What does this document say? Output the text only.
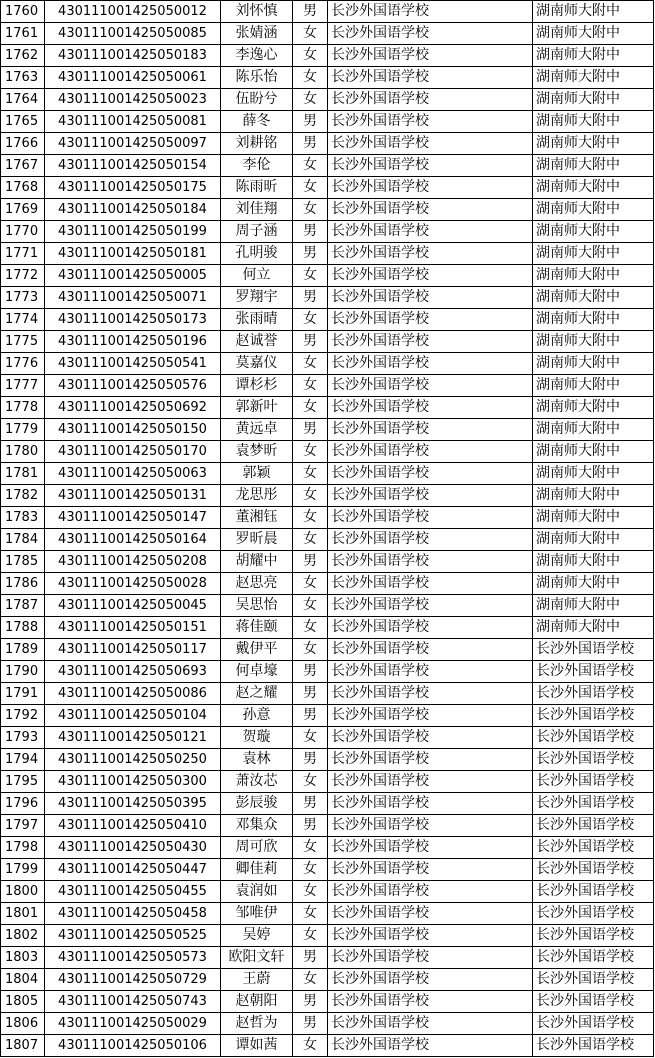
1760	430111001425050012	刘怀慎	男	长沙外国语学校	湖南师大附中
1761	430111001425050085	张婧涵	女	长沙外国语学校	湖南师大附中
1762	430111001425050183	李逸心	女	长沙外国语学校	湖南师大附中
1763	430111001425050061	陈乐怡	女	长沙外国语学校	湖南师大附中
1764	430111001425050023	伍盼兮	女	长沙外国语学校	湖南师大附中
1765	430111001425050081	薛冬	男	长沙外国语学校	湖南师大附中
1766	430111001425050097	刘耕铭	男	长沙外国语学校	湖南师大附中
1767	430111001425050154	李伦	女	长沙外国语学校	湖南师大附中
1768	430111001425050175	陈雨昕	女	长沙外国语学校	湖南师大附中
1769	430111001425050184	刘佳翔	女	长沙外国语学校	湖南师大附中
1770	430111001425050199	周子涵	男	长沙外国语学校	湖南师大附中
1771	430111001425050181	孔明骏	男	长沙外国语学校	湖南师大附中
1772	430111001425050005	何立	女	长沙外国语学校	湖南师大附中
1773	430111001425050071	罗翔宇	男	长沙外国语学校	湖南师大附中
1774	430111001425050173	张雨晴	女	长沙外国语学校	湖南师大附中
1775	430111001425050196	赵诚誉	男	长沙外国语学校	湖南师大附中
1776	430111001425050541	莫嘉仪	女	长沙外国语学校	湖南师大附中
1777	430111001425050576	谭杉杉	女	长沙外国语学校	湖南师大附中
1778	430111001425050692	郭新叶	女	长沙外国语学校	湖南师大附中
1779	430111001425050150	黄远卓	男	长沙外国语学校	湖南师大附中
1780	430111001425050170	袁梦昕	女	长沙外国语学校	湖南师大附中
1781	430111001425050063	郭颖	女	长沙外国语学校	湖南师大附中
1782	430111001425050131	龙思彤	女	长沙外国语学校	湖南师大附中
1783	430111001425050147	董湘钰	女	长沙外国语学校	湖南师大附中
1784	430111001425050164	罗昕晨	女	长沙外国语学校	湖南师大附中
1785	430111001425050208	胡耀中	男	长沙外国语学校	湖南师大附中
1786	430111001425050028	赵思亮	女	长沙外国语学校	湖南师大附中
1787	430111001425050045	吴思怡	女	长沙外国语学校	湖南师大附中
1788	430111001425050151	蒋佳颐	女	长沙外国语学校	湖南师大附中
1789	430111001425050117	戴伊平	女	长沙外国语学校	长沙外国语学校
1790	430111001425050693	何卓壕	男	长沙外国语学校	长沙外国语学校
1791	430111001425050086	赵之耀	男	长沙外国语学校	长沙外国语学校
1792	430111001425050104	孙意	男	长沙外国语学校	长沙外国语学校
1793	430111001425050121	贺璇	女	长沙外国语学校	长沙外国语学校
1794	430111001425050250	袁林	男	长沙外国语学校	长沙外国语学校
1795	430111001425050300	萧汝芯	女	长沙外国语学校	长沙外国语学校
1796	430111001425050395	彭辰骏	男	长沙外国语学校	长沙外国语学校
1797	430111001425050410	邓集众	男	长沙外国语学校	长沙外国语学校
1798	430111001425050430	周可欣	女	长沙外国语学校	长沙外国语学校
1799	430111001425050447	卿佳莉	女	长沙外国语学校	长沙外国语学校
1800	430111001425050455	袁润如	女	长沙外国语学校	长沙外国语学校
1801	430111001425050458	邹唯伊	女	长沙外国语学校	长沙外国语学校
1802	430111001425050525	吴婷	女	长沙外国语学校	长沙外国语学校
1803	430111001425050573	欧阳文轩	男	长沙外国语学校	长沙外国语学校
1804	430111001425050729	王蔚	女	长沙外国语学校	长沙外国语学校
1805	430111001425050743	赵朝阳	男	长沙外国语学校	长沙外国语学校
1806	430111001425050029	赵哲为	男	长沙外国语学校	长沙外国语学校
1807	430111001425050106	谭如茜	女	长沙外国语学校	长沙外国语学校
